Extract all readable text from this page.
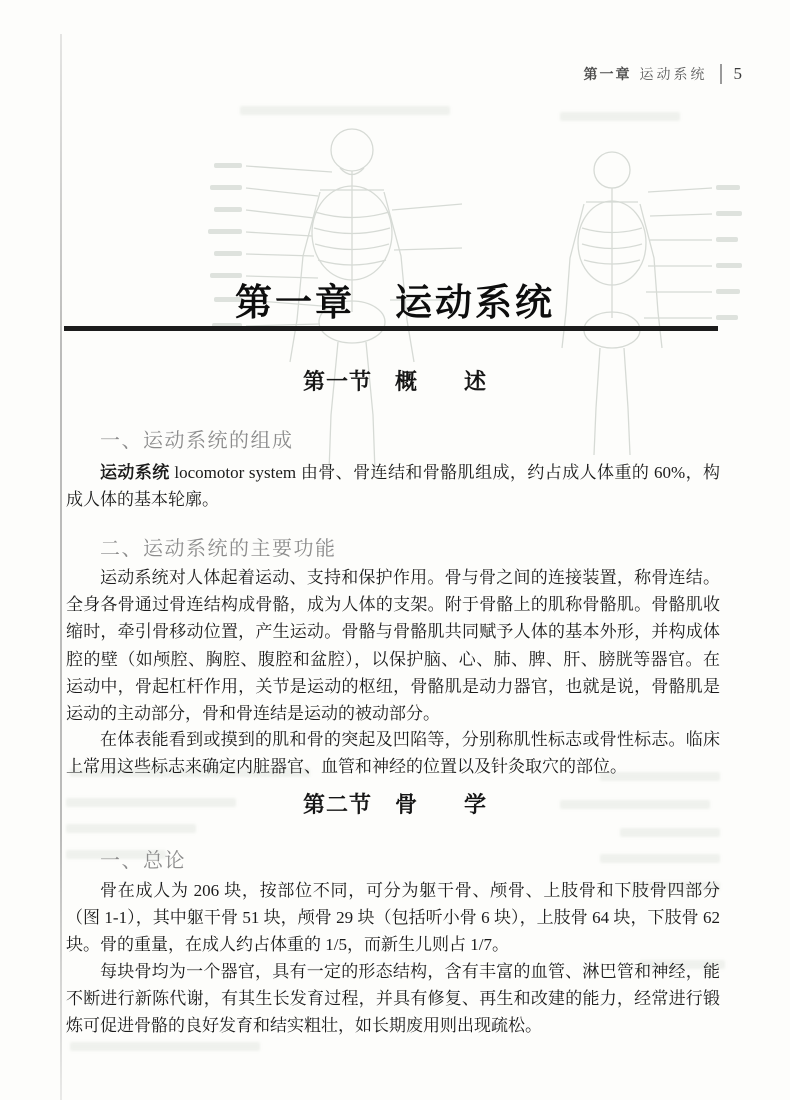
第一章 运动系统 5
第一章　运动系统
第一节　概　　述
一、运动系统的组成

运动系统 locomotor system 由骨、骨连结和骨骼肌组成，约占成人体重的 60%，构成人体的基本轮廓。

二、运动系统的主要功能

运动系统对人体起着运动、支持和保护作用。骨与骨之间的连接装置，称骨连结。全身各骨通过骨连结构成骨骼，成为人体的支架。附于骨骼上的肌称骨骼肌。骨骼肌收缩时，牵引骨移动位置，产生运动。骨骼与骨骼肌共同赋予人体的基本外形，并构成体腔的壁（如颅腔、胸腔、腹腔和盆腔），以保护脑、心、肺、脾、肝、膀胱等器官。在运动中，骨起杠杆作用，关节是运动的枢纽，骨骼肌是动力器官，也就是说，骨骼肌是运动的主动部分，骨和骨连结是运动的被动部分。

在体表能看到或摸到的肌和骨的突起及凹陷等，分别称肌性标志或骨性标志。临床上常用这些标志来确定内脏器官、血管和神经的位置以及针灸取穴的部位。

第二节　骨　　学
一、总论

骨在成人为 206 块，按部位不同，可分为躯干骨、颅骨、上肢骨和下肢骨四部分（图 1-1），其中躯干骨 51 块，颅骨 29 块（包括听小骨 6 块），上肢骨 64 块，下肢骨 62 块。骨的重量，在成人约占体重的 1/5，而新生儿则占 1/7。

每块骨均为一个器官，具有一定的形态结构，含有丰富的血管、淋巴管和神经，能不断进行新陈代谢，有其生长发育过程，并具有修复、再生和改建的能力，经常进行锻炼可促进骨骼的良好发育和结实粗壮，如长期废用则出现疏松。
